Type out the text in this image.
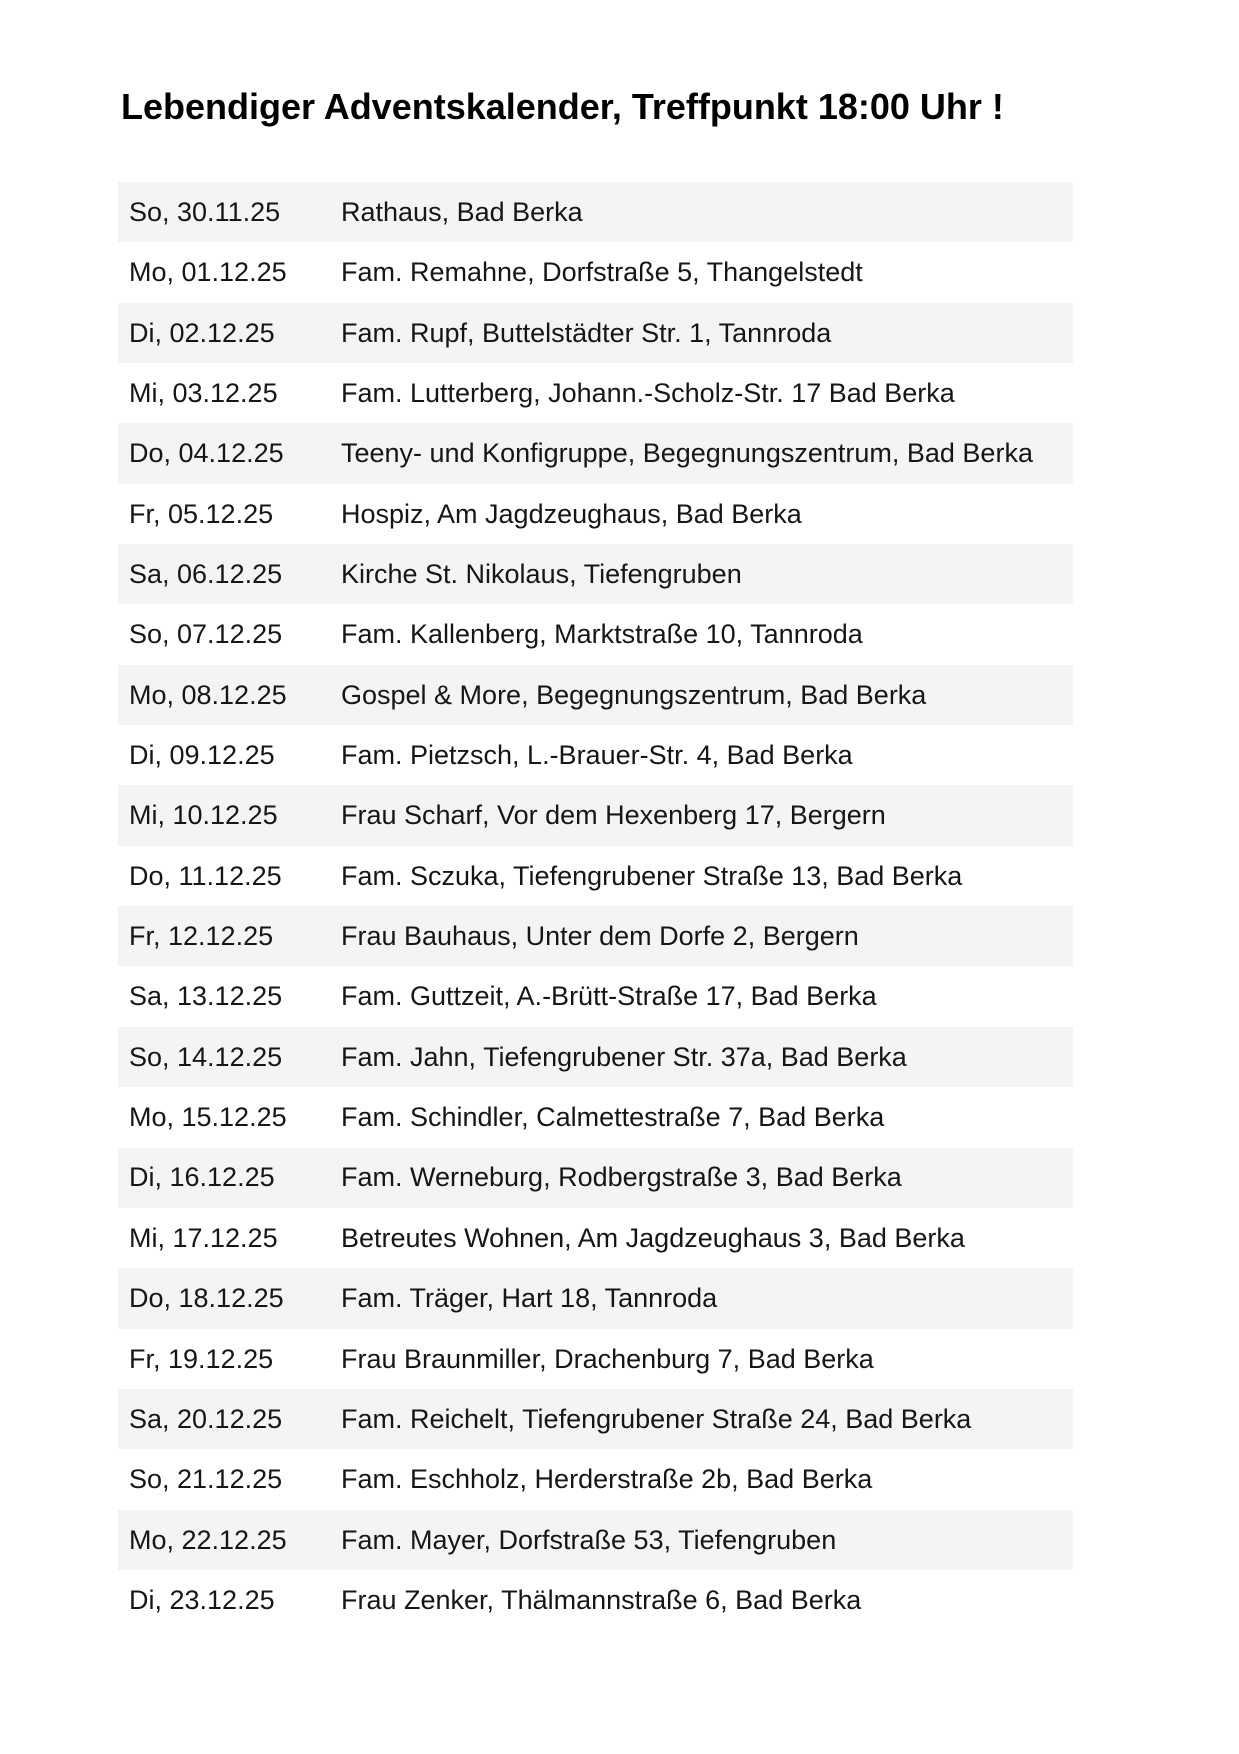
Lebendiger Adventskalender, Treffpunkt 18:00 Uhr !
So, 30.11.25	Rathaus, Bad Berka
Mo, 01.12.25	Fam. Remahne, Dorfstraße 5, Thangelstedt
Di, 02.12.25	Fam. Rupf, Buttelstädter Str. 1, Tannroda
Mi, 03.12.25	Fam. Lutterberg, Johann.-Scholz-Str. 17 Bad Berka
Do, 04.12.25	Teeny- und Konfigruppe, Begegnungszentrum, Bad Berka
Fr, 05.12.25	Hospiz, Am Jagdzeughaus, Bad Berka
Sa, 06.12.25	Kirche St. Nikolaus, Tiefengruben
So, 07.12.25	Fam. Kallenberg, Marktstraße 10, Tannroda
Mo, 08.12.25	Gospel & More, Begegnungszentrum, Bad Berka
Di, 09.12.25	Fam. Pietzsch, L.-Brauer-Str. 4, Bad Berka
Mi, 10.12.25	Frau Scharf, Vor dem Hexenberg 17, Bergern
Do, 11.12.25	Fam. Sczuka, Tiefengrubener Straße 13, Bad Berka
Fr, 12.12.25	Frau Bauhaus, Unter dem Dorfe 2, Bergern
Sa, 13.12.25	Fam. Guttzeit, A.-Brütt-Straße 17, Bad Berka
So, 14.12.25	Fam. Jahn, Tiefengrubener Str. 37a, Bad Berka
Mo, 15.12.25	Fam. Schindler, Calmettestraße 7, Bad Berka
Di, 16.12.25	Fam. Werneburg, Rodbergstraße 3, Bad Berka
Mi, 17.12.25	Betreutes Wohnen, Am Jagdzeughaus 3, Bad Berka
Do, 18.12.25	Fam. Träger, Hart 18, Tannroda
Fr, 19.12.25	Frau Braunmiller, Drachenburg 7, Bad Berka
Sa, 20.12.25	Fam. Reichelt, Tiefengrubener Straße 24, Bad Berka
So, 21.12.25	Fam. Eschholz, Herderstraße 2b, Bad Berka
Mo, 22.12.25	Fam. Mayer, Dorfstraße 53, Tiefengruben
Di, 23.12.25	Frau Zenker, Thälmannstraße 6, Bad Berka
